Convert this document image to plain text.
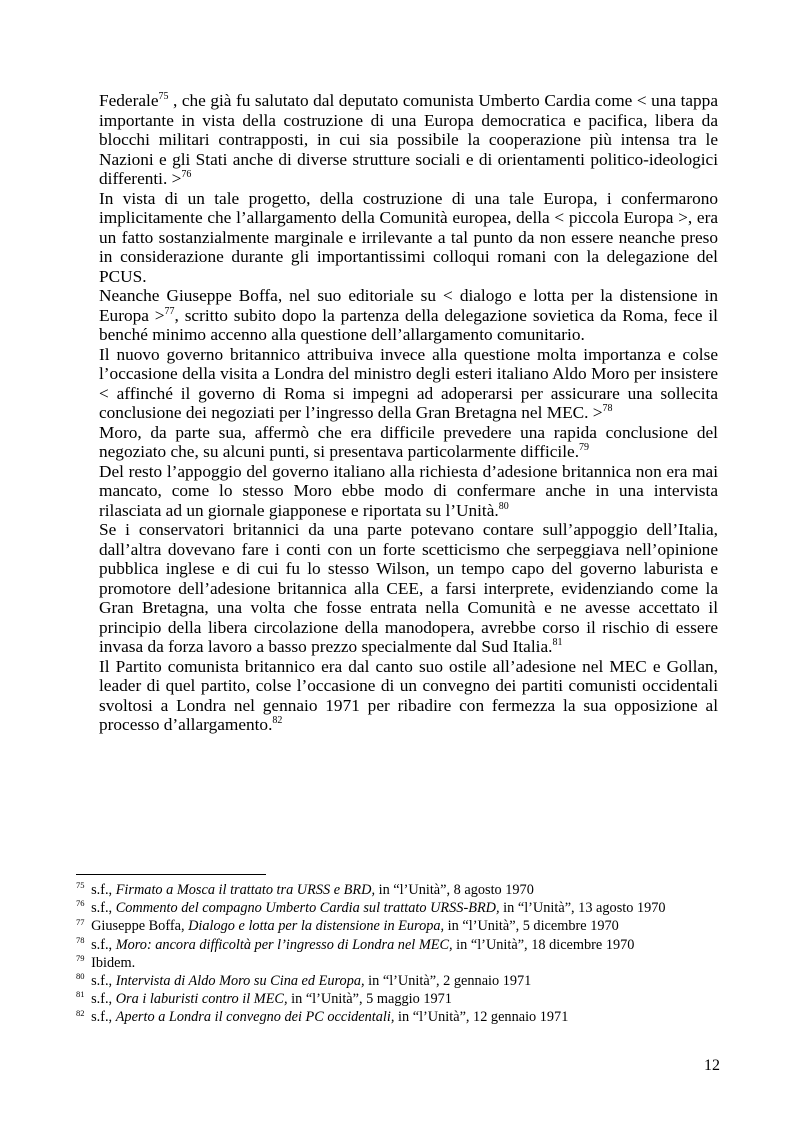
Federale$^{75}$ , che già fu salutato dal deputato comunista Umberto Cardia come < una tappa importante in vista della costruzione di una Europa democratica e pacifica, libera da blocchi militari contrapposti, in cui sia possibile la cooperazione più intensa tra le Nazioni e gli Stati anche di diverse strutture sociali e di orientamenti politico-ideologici differenti. >$^{76}$

In vista di un tale progetto, della costruzione di una tale Europa, i confermarono implicitamente che l’allargamento della Comunità europea, della < piccola Europa >, era un fatto sostanzialmente marginale e irrilevante a tal punto da non essere neanche preso in considerazione durante gli importantissimi colloqui romani con la delegazione del PCUS.

Neanche Giuseppe Boffa, nel suo editoriale su < dialogo e lotta per la distensione in Europa >$^{77}$, scritto subito dopo la partenza della delegazione sovietica da Roma, fece il benché minimo accenno alla questione dell’allargamento comunitario.

Il nuovo governo britannico attribuiva invece alla questione molta importanza e colse l’occasione della visita a Londra del ministro degli esteri italiano Aldo Moro per insistere < affinché il governo di Roma si impegni ad adoperarsi per assicurare una sollecita conclusione dei negoziati per l’ingresso della Gran Bretagna nel MEC. >$^{78}$

Moro, da parte sua, affermò che era difficile prevedere una rapida conclusione del negoziato che, su alcuni punti, si presentava particolarmente difficile.$^{79}$

Del resto l’appoggio del governo italiano alla richiesta d’adesione britannica non era mai mancato, come lo stesso Moro ebbe modo di confermare anche in una intervista rilasciata ad un giornale giapponese e riportata su l’Unità.$^{80}$

Se i conservatori britannici da una parte potevano contare sull’appoggio dell’Italia, dall’altra dovevano fare i conti con un forte scetticismo che serpeggiava nell’opinione pubblica inglese e di cui fu lo stesso Wilson, un tempo capo del governo laburista e promotore dell’adesione britannica alla CEE, a farsi interprete, evidenziando come la Gran Bretagna, una volta che fosse entrata nella Comunità e ne avesse accettato il principio della libera circolazione della manodopera, avrebbe corso il rischio di essere invasa da forza lavoro a basso prezzo specialmente dal Sud Italia.$^{81}$

Il Partito comunista britannico era dal canto suo ostile all’adesione nel MEC e Gollan, leader di quel partito, colse l’occasione di un convegno dei partiti comunisti occidentali svoltosi a Londra nel gennaio 1971 per ribadire con fermezza la sua opposizione al processo d’allargamento.$^{82}$

$^{75}$ s.f., Firmato a Mosca il trattato tra URSS e BRD, in “l’Unità”, 8 agosto 1970

$^{76}$ s.f., Commento del compagno Umberto Cardia sul trattato URSS-BRD, in “l’Unità”, 13 agosto 1970

$^{77}$ Giuseppe Boffa, Dialogo e lotta per la distensione in Europa, in “l’Unità”, 5 dicembre 1970

$^{78}$ s.f., Moro: ancora difficoltà per l’ingresso di Londra nel MEC, in “l’Unità”, 18 dicembre 1970

$^{79}$ Ibidem.

$^{80}$ s.f., Intervista di Aldo Moro su Cina ed Europa, in “l’Unità”, 2 gennaio 1971

$^{81}$ s.f., Ora i laburisti contro il MEC, in “l’Unità”, 5 maggio 1971

$^{82}$ s.f., Aperto a Londra il convegno dei PC occidentali, in “l’Unità”, 12 gennaio 1971

12
